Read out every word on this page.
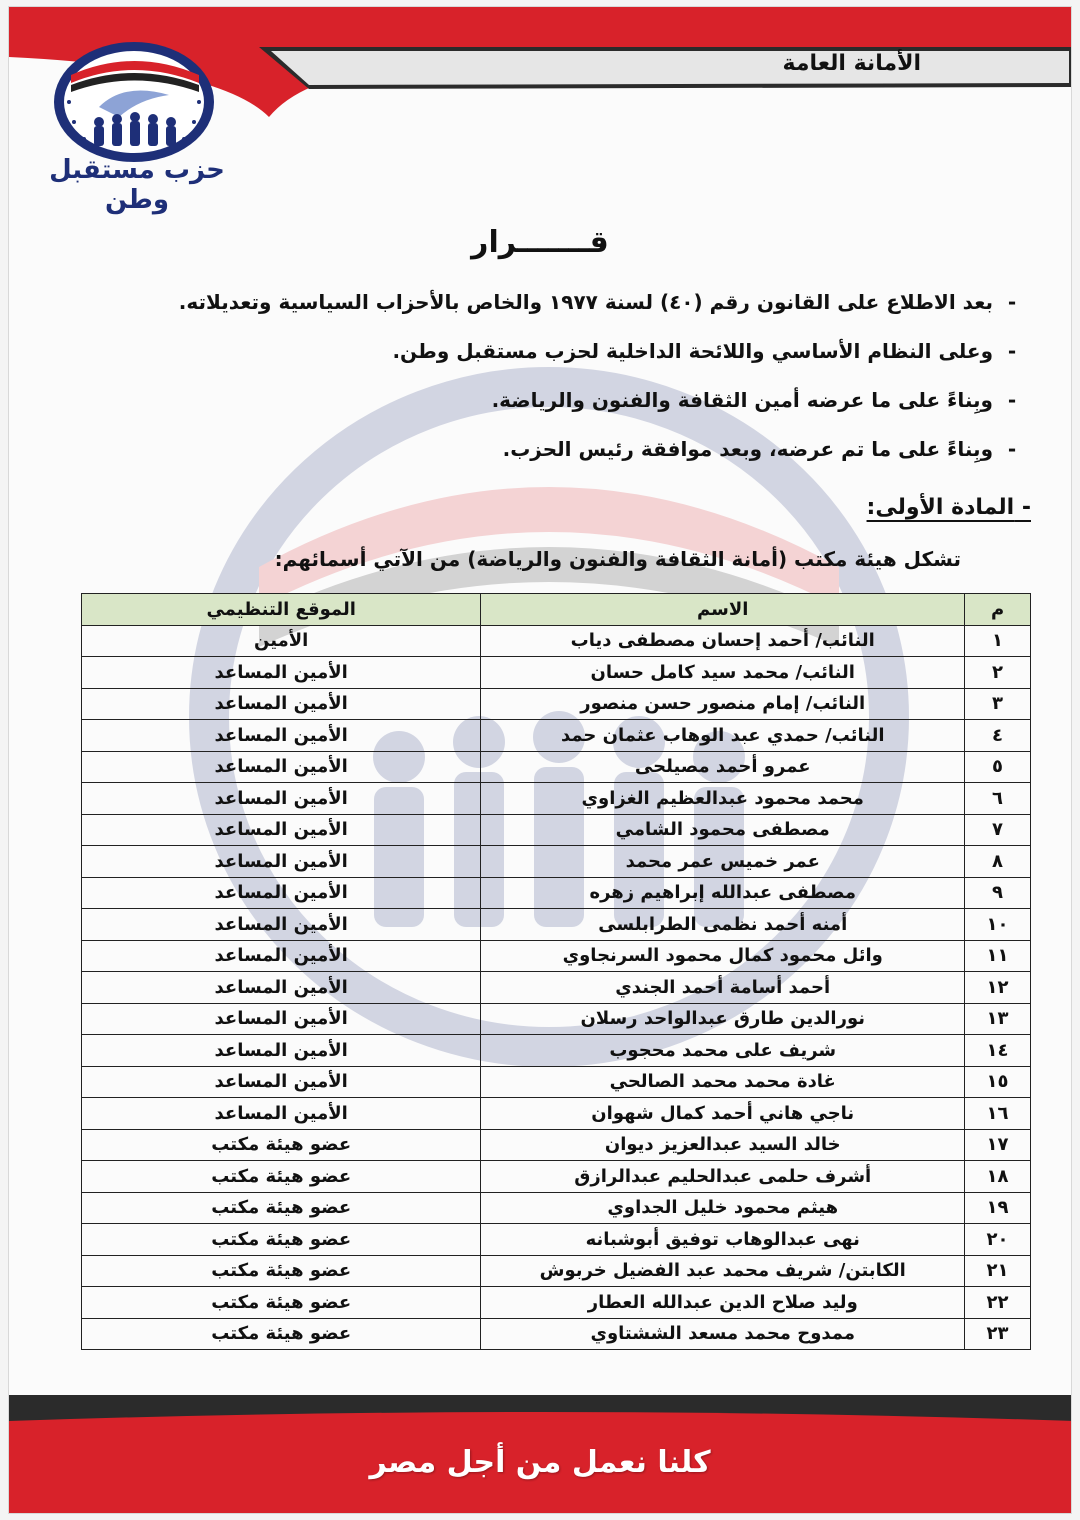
الأمانة العامة
حزب مستقبل وطن
قـــــــرار
-
بعد الاطلاع على القانون رقم (٤٠) لسنة ١٩٧٧ والخاص بالأحزاب السياسية وتعديلاته.
-
وعلى النظام الأساسي واللائحة الداخلية لحزب مستقبل وطن.
-
وبِناءً على ما عرضه أمين الثقافة والفنون والرياضة.
-
وبِناءً على ما تم عرضه، وبعد موافقة رئيس الحزب.
- المادة الأولى:
تشكل هيئة مكتب (أمانة الثقافة والفنون والرياضة) من الآتي أسمائهم:
م	الاسم	الموقع التنظيمي
١	النائب/ أحمد إحسان مصطفى دياب	الأمين
٢	النائب/ محمد سيد كامل حسان	الأمين المساعد
٣	النائب/ إمام منصور حسن منصور	الأمين المساعد
٤	النائب/ حمدي عبد الوهاب عثمان حمد	الأمين المساعد
٥	عمرو أحمد مصيلحى	الأمين المساعد
٦	محمد محمود عبدالعظيم الغزاوي	الأمين المساعد
٧	مصطفى محمود الشامي	الأمين المساعد
٨	عمر خميس عمر محمد	الأمين المساعد
٩	مصطفى عبدالله إبراهيم زهره	الأمين المساعد
١٠	أمنه أحمد نظمى الطرابلسى	الأمين المساعد
١١	وائل محمود كمال محمود السرنجاوي	الأمين المساعد
١٢	أحمد أسامة أحمد الجندي	الأمين المساعد
١٣	نورالدين طارق عبدالواحد رسلان	الأمين المساعد
١٤	شريف على محمد محجوب	الأمين المساعد
١٥	غادة محمد محمد الصالحي	الأمين المساعد
١٦	ناجي هاني أحمد كمال شهوان	الأمين المساعد
١٧	خالد السيد عبدالعزيز ديوان	عضو هيئة مكتب
١٨	أشرف حلمى عبدالحليم عبدالرازق	عضو هيئة مكتب
١٩	هيثم محمود خليل الجداوي	عضو هيئة مكتب
٢٠	نهى عبدالوهاب توفيق أبوشبانه	عضو هيئة مكتب
٢١	الكابتن/ شريف محمد عبد الفضيل خربوش	عضو هيئة مكتب
٢٢	وليد صلاح الدين عبدالله العطار	عضو هيئة مكتب
٢٣	ممدوح محمد مسعد الششتاوي	عضو هيئة مكتب
كلنا نعمل من أجل مصر
